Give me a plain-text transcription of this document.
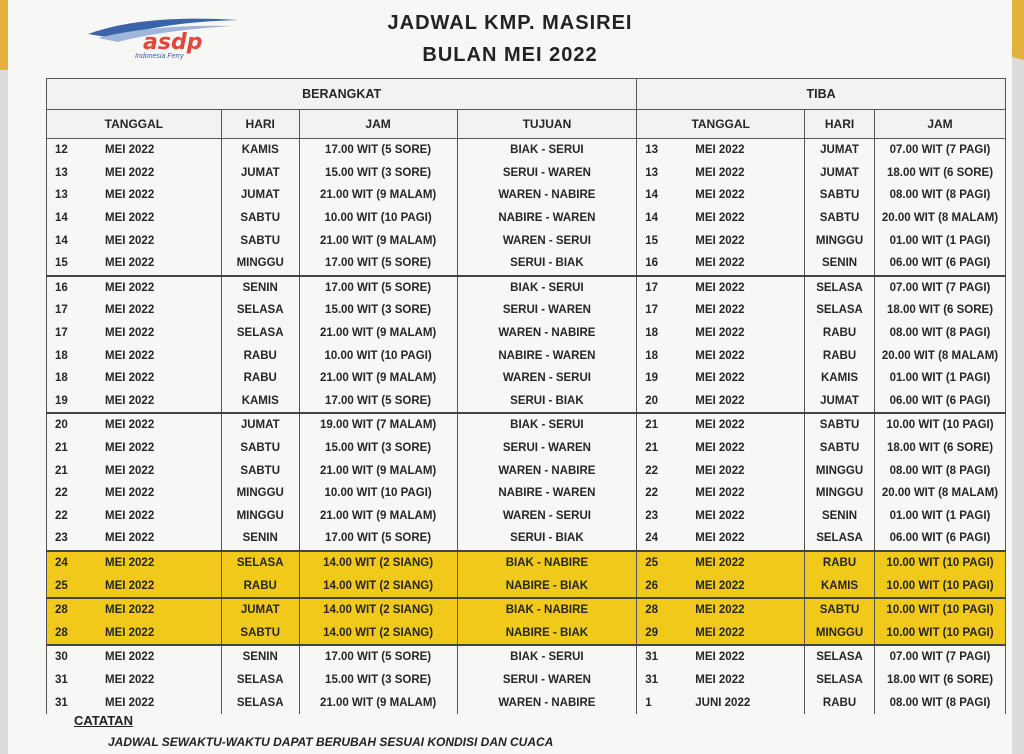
asdp
Indonesia Ferry
JADWAL KMP. MASIREI
BULAN MEI 2022
BERANGKAT				TIBA		
TANGGAL	HARI	JAM	TUJUAN	TANGGAL	HARI	JAM
12 MEI 2022	KAMIS	17.00 WIT (5 SORE)	BIAK - SERUI	13 MEI 2022	JUMAT	07.00 WIT (7 PAGI)
13 MEI 2022	JUMAT	15.00 WIT (3 SORE)	SERUI - WAREN	13 MEI 2022	JUMAT	18.00 WIT (6 SORE)
13 MEI 2022	JUMAT	21.00 WIT (9 MALAM)	WAREN - NABIRE	14 MEI 2022	SABTU	08.00 WIT (8 PAGI)
14 MEI 2022	SABTU	10.00 WIT (10 PAGI)	NABIRE - WAREN	14 MEI 2022	SABTU	20.00 WIT (8 MALAM)
14 MEI 2022	SABTU	21.00 WIT (9 MALAM)	WAREN - SERUI	15 MEI 2022	MINGGU	01.00 WIT (1 PAGI)
15 MEI 2022	MINGGU	17.00 WIT (5 SORE)	SERUI - BIAK	16 MEI 2022	SENIN	06.00 WIT (6 PAGI)
16 MEI 2022	SENIN	17.00 WIT (5 SORE)	BIAK - SERUI	17 MEI 2022	SELASA	07.00 WIT (7 PAGI)
17 MEI 2022	SELASA	15.00 WIT (3 SORE)	SERUI - WAREN	17 MEI 2022	SELASA	18.00 WIT (6 SORE)
17 MEI 2022	SELASA	21.00 WIT (9 MALAM)	WAREN - NABIRE	18 MEI 2022	RABU	08.00 WIT (8 PAGI)
18 MEI 2022	RABU	10.00 WIT (10 PAGI)	NABIRE - WAREN	18 MEI 2022	RABU	20.00 WIT (8 MALAM)
18 MEI 2022	RABU	21.00 WIT (9 MALAM)	WAREN - SERUI	19 MEI 2022	KAMIS	01.00 WIT (1 PAGI)
19 MEI 2022	KAMIS	17.00 WIT (5 SORE)	SERUI - BIAK	20 MEI 2022	JUMAT	06.00 WIT (6 PAGI)
20 MEI 2022	JUMAT	19.00 WIT (7 MALAM)	BIAK - SERUI	21 MEI 2022	SABTU	10.00 WIT (10 PAGI)
21 MEI 2022	SABTU	15.00 WIT (3 SORE)	SERUI - WAREN	21 MEI 2022	SABTU	18.00 WIT (6 SORE)
21 MEI 2022	SABTU	21.00 WIT (9 MALAM)	WAREN - NABIRE	22 MEI 2022	MINGGU	08.00 WIT (8 PAGI)
22 MEI 2022	MINGGU	10.00 WIT (10 PAGI)	NABIRE - WAREN	22 MEI 2022	MINGGU	20.00 WIT (8 MALAM)
22 MEI 2022	MINGGU	21.00 WIT (9 MALAM)	WAREN - SERUI	23 MEI 2022	SENIN	01.00 WIT (1 PAGI)
23 MEI 2022	SENIN	17.00 WIT (5 SORE)	SERUI - BIAK	24 MEI 2022	SELASA	06.00 WIT (6 PAGI)
24 MEI 2022	SELASA	14.00 WIT (2 SIANG)	BIAK - NABIRE	25 MEI 2022	RABU	10.00 WIT (10 PAGI)
25 MEI 2022	RABU	14.00 WIT (2 SIANG)	NABIRE - BIAK	26 MEI 2022	KAMIS	10.00 WIT (10 PAGI)
28 MEI 2022	JUMAT	14.00 WIT (2 SIANG)	BIAK - NABIRE	28 MEI 2022	SABTU	10.00 WIT (10 PAGI)
28 MEI 2022	SABTU	14.00 WIT (2 SIANG)	NABIRE - BIAK	29 MEI 2022	MINGGU	10.00 WIT (10 PAGI)
30 MEI 2022	SENIN	17.00 WIT (5 SORE)	BIAK - SERUI	31 MEI 2022	SELASA	07.00 WIT (7 PAGI)
31 MEI 2022	SELASA	15.00 WIT (3 SORE)	SERUI - WAREN	31 MEI 2022	SELASA	18.00 WIT (6 SORE)
31 MEI 2022	SELASA	21.00 WIT (9 MALAM)	WAREN - NABIRE	1 JUNI 2022	RABU	08.00 WIT (8 PAGI)
CATATAN
JADWAL SEWAKTU-WAKTU DAPAT BERUBAH SESUAI KONDISI DAN CUACA
